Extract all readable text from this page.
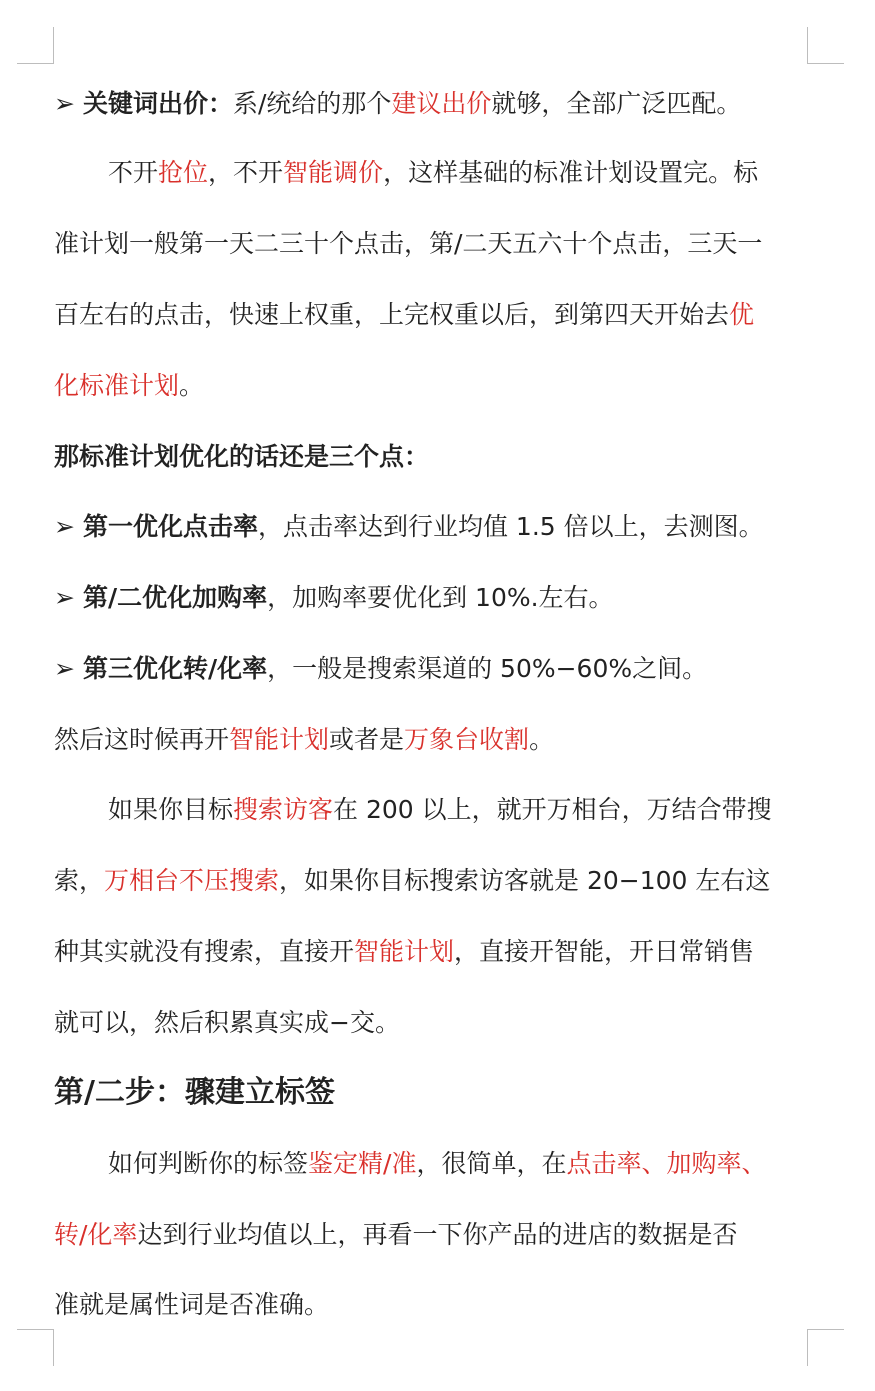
➢ 关键词出价：系/统给的那个建议出价就够，全部广泛匹配。
不开抢位，不开智能调价，这样基础的标准计划设置完。标
准计划一般第一天二三十个点击，第/二天五六十个点击，三天一
百左右的点击，快速上权重，上完权重以后，到第四天开始去优
化标准计划。
那标准计划优化的话还是三个点：
➢ 第一优化点击率，点击率达到行业均值 1.5 倍以上，去测图。
➢ 第/二优化加购率，加购率要优化到 10%.左右。
➢ 第三优化转/化率，一般是搜索渠道的 50%−60%之间。
然后这时候再开智能计划或者是万象台收割。
如果你目标搜索访客在 200 以上，就开万相台，万结合带搜
索，万相台不压搜索，如果你目标搜索访客就是 20−100 左右这
种其实就没有搜索，直接开智能计划，直接开智能，开日常销售
就可以，然后积累真实成−交。
第/二步：骤建立标签
如何判断你的标签鉴定精/准，很简单，在点击率、加购率、
转/化率达到行业均值以上，再看一下你产品的进店的数据是否
准就是属性词是否准确。
